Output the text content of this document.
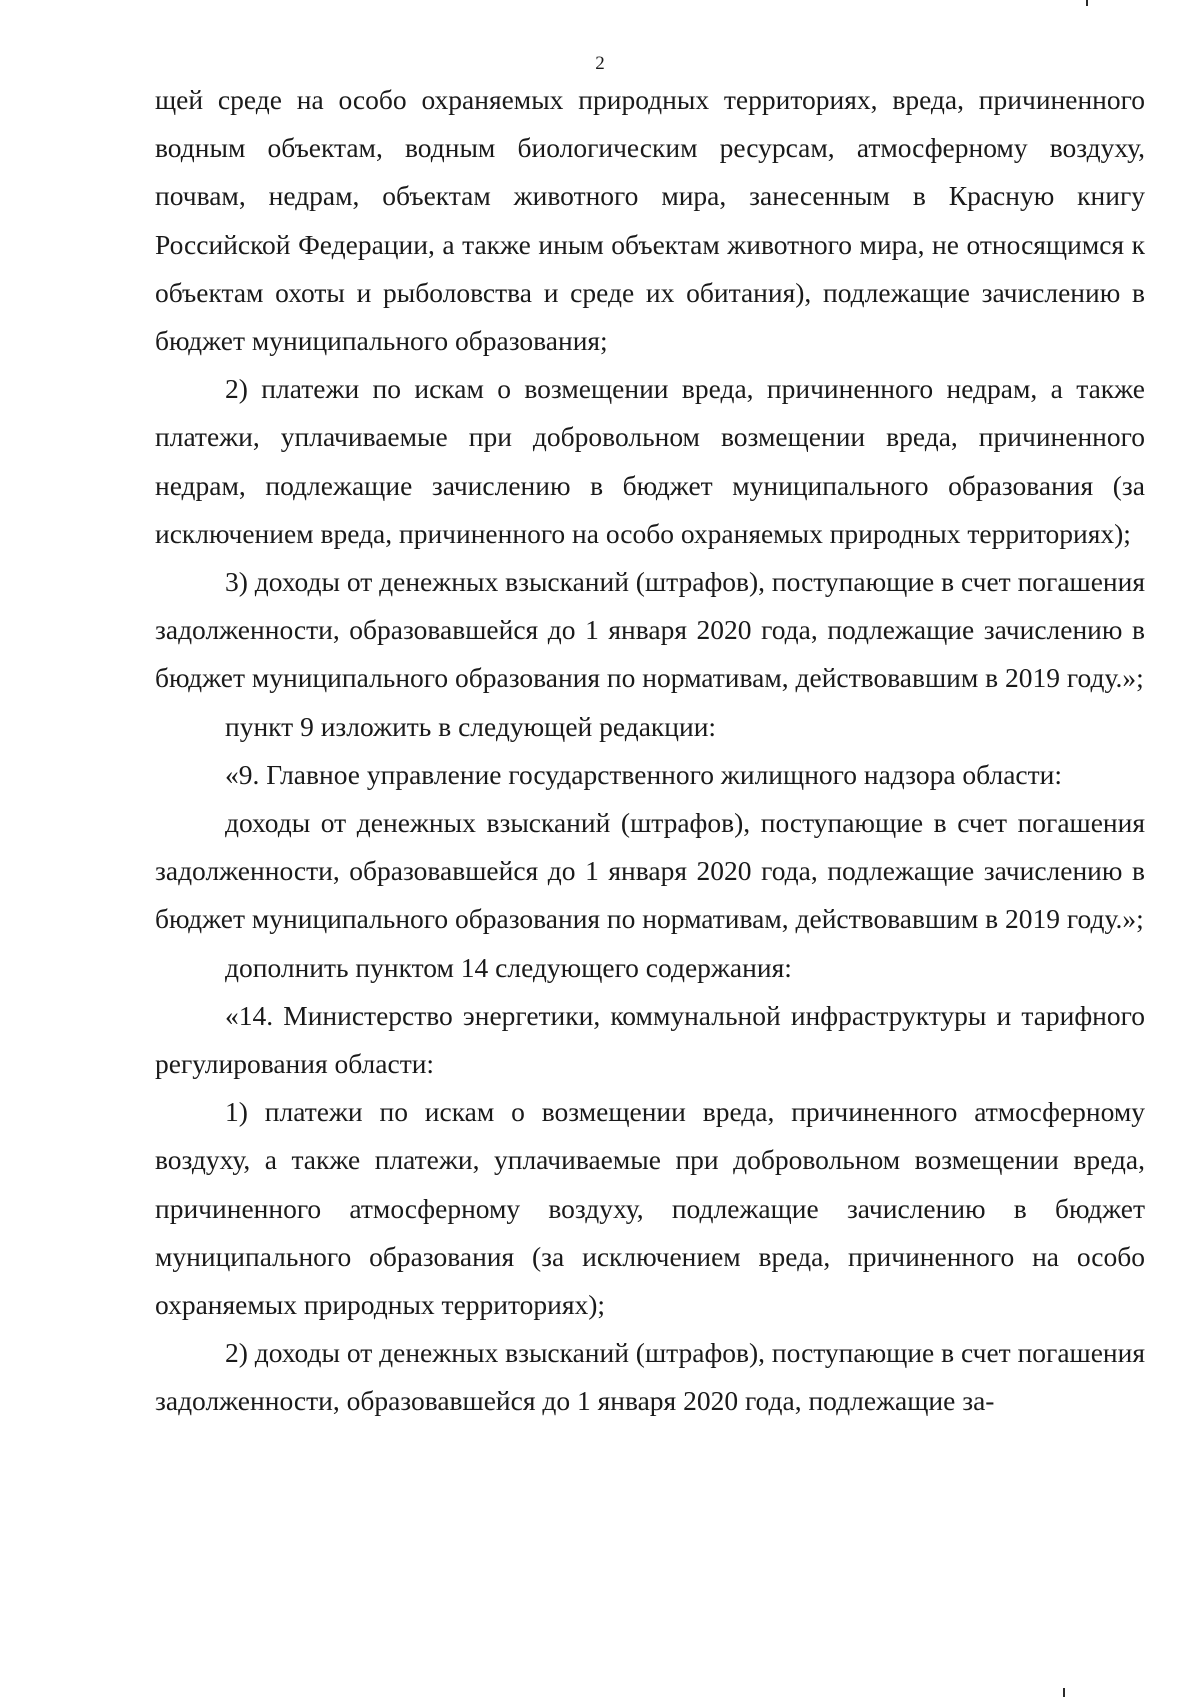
2

щей среде на особо охраняемых природных территориях, вреда, причиненного водным объектам, водным биологическим ресурсам, атмосферному воздуху, почвам, недрам, объектам животного мира, занесенным в Красную книгу Российской Федерации, а также иным объектам животного мира, не относящимся к объектам охоты и рыболовства и среде их обитания), подлежащие зачислению в бюджет муниципального образования;

2) платежи по искам о возмещении вреда, причиненного недрам, а также платежи, уплачиваемые при добровольном возмещении вреда, причиненного недрам, подлежащие зачислению в бюджет муниципального образования (за исключением вреда, причиненного на особо охраняемых природных территориях);

3) доходы от денежных взысканий (штрафов), поступающие в счет погашения задолженности, образовавшейся до 1 января 2020 года, подлежащие зачислению в бюджет муниципального образования по нормативам, действовавшим в 2019 году.»;

пункт 9 изложить в следующей редакции:

«9. Главное управление государственного жилищного надзора области:

доходы от денежных взысканий (штрафов), поступающие в счет погашения задолженности, образовавшейся до 1 января 2020 года, подлежащие зачислению в бюджет муниципального образования по нормативам, действовавшим в 2019 году.»;

дополнить пунктом 14 следующего содержания:

«14. Министерство энергетики, коммунальной инфраструктуры и тарифного регулирования области:

1) платежи по искам о возмещении вреда, причиненного атмосферному воздуху, а также платежи, уплачиваемые при добровольном возмещении вреда, причиненного атмосферному воздуху, подлежащие зачислению в бюджет муниципального образования (за исключением вреда, причиненного на особо охраняемых природных территориях);

2) доходы от денежных взысканий (штрафов), поступающие в счет погашения задолженности, образовавшейся до 1 января 2020 года, подлежащие за-
